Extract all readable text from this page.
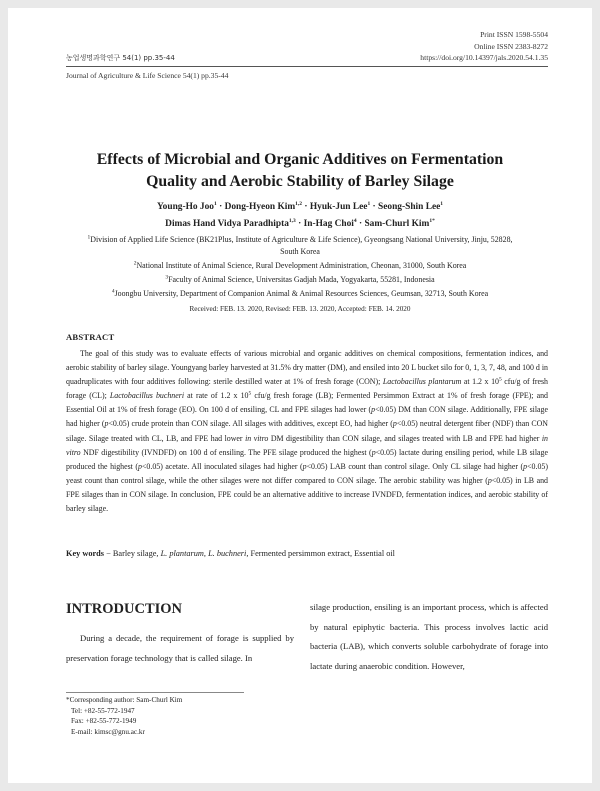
Print ISSN 1598-5504
Online ISSN 2383-8272
농업생명과학연구 54(1) pp.35-44	https://doi.org/10.14397/jals.2020.54.1.35
Journal of Agriculture & Life Science 54(1) pp.35-44
Effects of Microbial and Organic Additives on Fermentation
Quality and Aerobic Stability of Barley Silage
Young-Ho Joo$^1$ · Dong-Hyeon Kim$^{1,2}$ · Hyuk-Jun Lee$^1$ · Seong-Shin Lee$^1$
Dimas Hand Vidya Paradhipta$^{1,3}$ · In-Hag Choi$^4$ · Sam-Churl Kim$^{1*}$
$^1$Division of Applied Life Science (BK21Plus, Institute of Agriculture & Life Science), Gyeongsang National University, Jinju, 52828, South Korea
$^2$National Institute of Animal Science, Rural Development Administration, Cheonan, 31000, South Korea
$^3$Faculty of Animal Science, Universitas Gadjah Mada, Yogyakarta, 55281, Indonesia
$^4$Joongbu University, Department of Companion Animal & Animal Resources Sciences, Geumsan, 32713, South Korea
Received: FEB. 13. 2020, Revised: FEB. 13. 2020, Accepted: FEB. 14. 2020
ABSTRACT
The goal of this study was to evaluate effects of various microbial and organic additives on chemical compositions, fermentation indices, and aerobic stability of barley silage. Youngyang barley harvested at 31.5% dry matter (DM), and ensiled into 20 L bucket silo for 0, 1, 3, 7, 48, and 100 d in quadruplicates with four additives following: sterile destilled water at 1% of fresh forage (CON); Lactobacillus plantarum at 1.2 x $10^5$ cfu/g of fresh forage (CL); Lactobacillus buchneri at rate of 1.2 x $10^5$ cfu/g fresh forage (LB); Fermented Persimmon Extract at 1% of fresh forage (FPE); and Essential Oil at 1% of fresh forage (EO). On 100 d of ensiling, CL and FPE silages had lower (p<0.05) DM than CON silage. Additionally, FPE silage had higher (p<0.05) crude protein than CON silage. All silages with additives, except EO, had higher (p<0.05) neutral detergent fiber (NDF) than CON silage. Silage treated with CL, LB, and FPE had lower in vitro DM digestibility than CON silage, and silages treated with LB and FPE had higher in vitro NDF digestibility (IVNDFD) on 100 d of ensiling. The PFE silage produced the highest (p<0.05) lactate during ensiling period, while LB silage produced the highest (p<0.05) acetate. All inoculated silages had higher (p<0.05) LAB count than control silage. Only CL silage had higher (p<0.05) yeast count than control silage, while the other silages were not differ compared to CON silage. The aerobic stability was higher (p<0.05) in LB and FPE silages than in CON silage. In conclusion, FPE could be an alternative additive to increase IVNDFD, fermentation indices, and aerobic stability of barley silage.
Key words − Barley silage, L. plantarum, L. buchneri, Fermented persimmon extract, Essential oil
INTRODUCTION
During a decade, the requirement of forage is supplied by preservation forage technology that is called silage. In
silage production, ensiling is an important process, which is affected by natural epiphytic bacteria. This process involves lactic acid bacteria (LAB), which converts soluble carbohydrate of forage into lactate during anaerobic condition. However,
*Corresponding author: Sam-Churl Kim
Tel: +82-55-772-1947
Fax: +82-55-772-1949
E-mail: kimsc@gnu.ac.kr
